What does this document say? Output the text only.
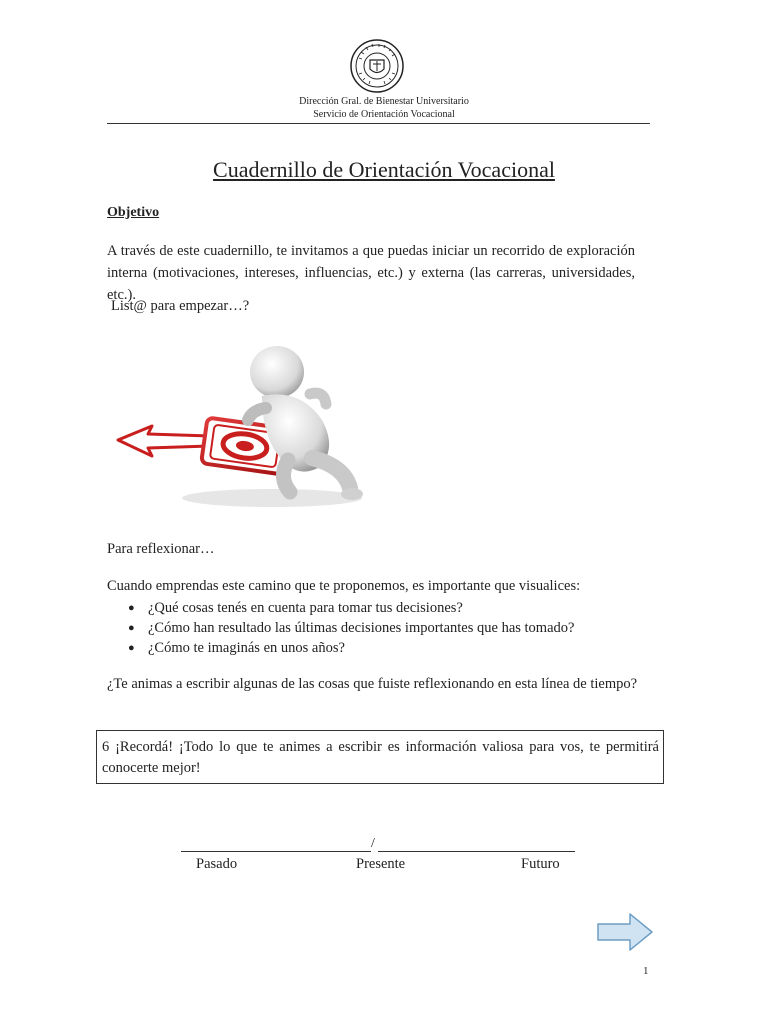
Dirección Gral. de Bienestar Universitario
Servicio de Orientación Vocacional
Cuadernillo de Orientación Vocacional
Objetivo
A través de este cuadernillo, te invitamos a que puedas iniciar un recorrido de exploración
interna (motivaciones, intereses, influencias, etc.) y externa (las carreras, universidades, etc.).
List@ para empezar…?
Para reflexionar…
Cuando emprendas este camino que te proponemos, es importante que visualices:
● ¿Qué cosas tenés en cuenta para tomar tus decisiones?
● ¿Cómo han resultado las últimas decisiones importantes que has tomado?
● ¿Cómo te imaginás en unos años?
¿Te animas a escribir algunas de las cosas que fuiste reflexionando en esta línea de tiempo?
6 ¡Recordá! ¡Todo lo que te animes a escribir es información valiosa para vos, te permitirá
conocerte mejor!
/
Pasado	Presente	Futuro
1
